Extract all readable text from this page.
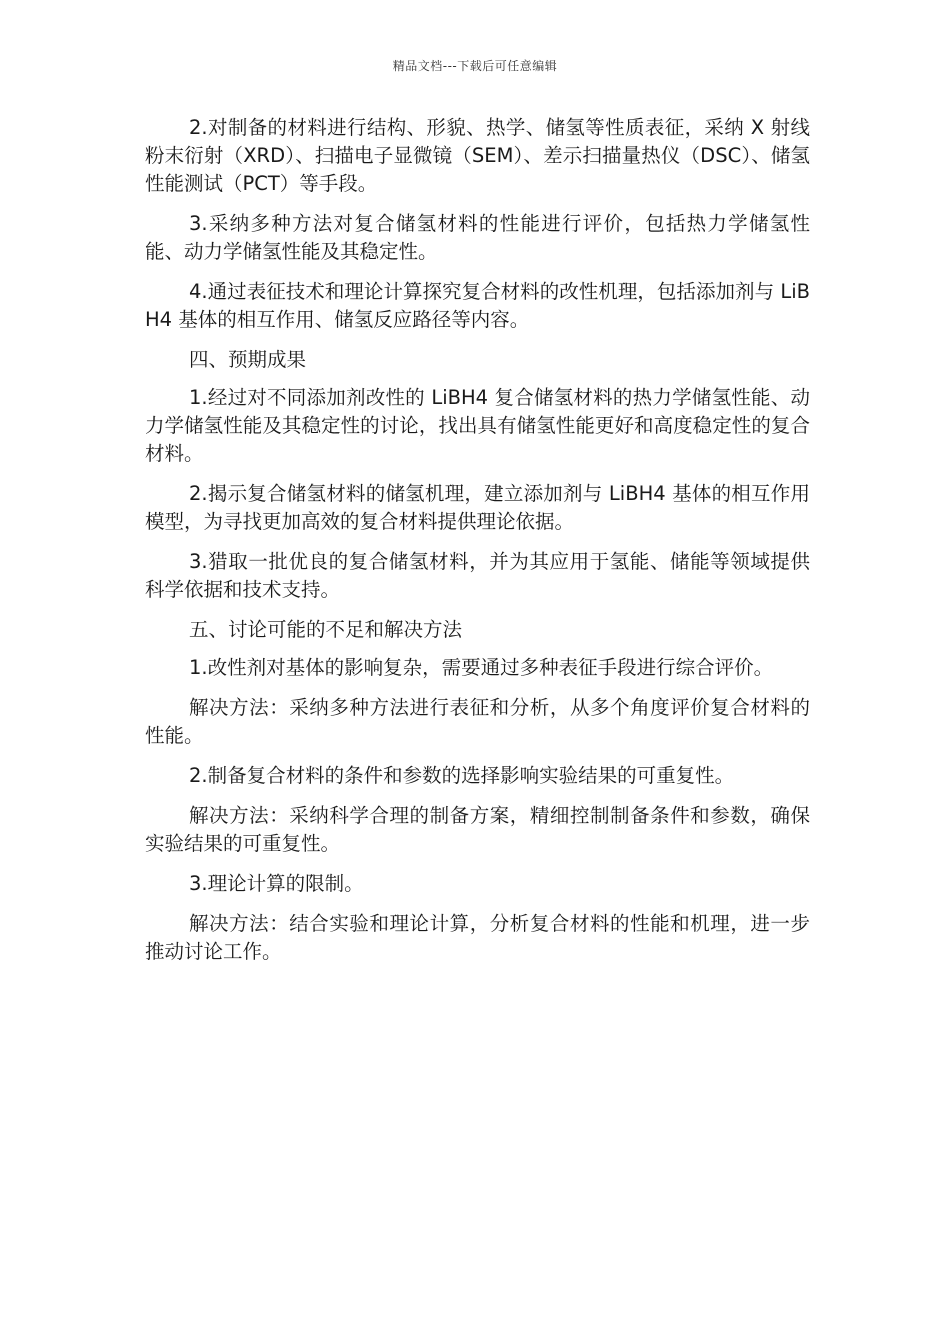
精品文档---下载后可任意编辑

2.对制备的材料进行结构、形貌、热学、储氢等性质表征，采纳 X 射线粉末衍射（XRD）、扫描电子显微镜（SEM）、差示扫描量热仪（DSC）、储氢性能测试（PCT）等手段。

3.采纳多种方法对复合储氢材料的性能进行评价，包括热力学储氢性能、动力学储氢性能及其稳定性。

4.通过表征技术和理论计算探究复合材料的改性机理，包括添加剂与 LiBH4 基体的相互作用、储氢反应路径等内容。

四、预期成果

1.经过对不同添加剂改性的 LiBH4 复合储氢材料的热力学储氢性能、动力学储氢性能及其稳定性的讨论，找出具有储氢性能更好和高度稳定性的复合材料。

2.揭示复合储氢材料的储氢机理，建立添加剂与 LiBH4 基体的相互作用模型，为寻找更加高效的复合材料提供理论依据。

3.猎取一批优良的复合储氢材料，并为其应用于氢能、储能等领域提供科学依据和技术支持。

五、讨论可能的不足和解决方法

1.改性剂对基体的影响复杂，需要通过多种表征手段进行综合评价。

解决方法：采纳多种方法进行表征和分析，从多个角度评价复合材料的性能。

2.制备复合材料的条件和参数的选择影响实验结果的可重复性。

解决方法：采纳科学合理的制备方案，精细控制制备条件和参数，确保实验结果的可重复性。

3.理论计算的限制。

解决方法：结合实验和理论计算，分析复合材料的性能和机理，进一步推动讨论工作。
